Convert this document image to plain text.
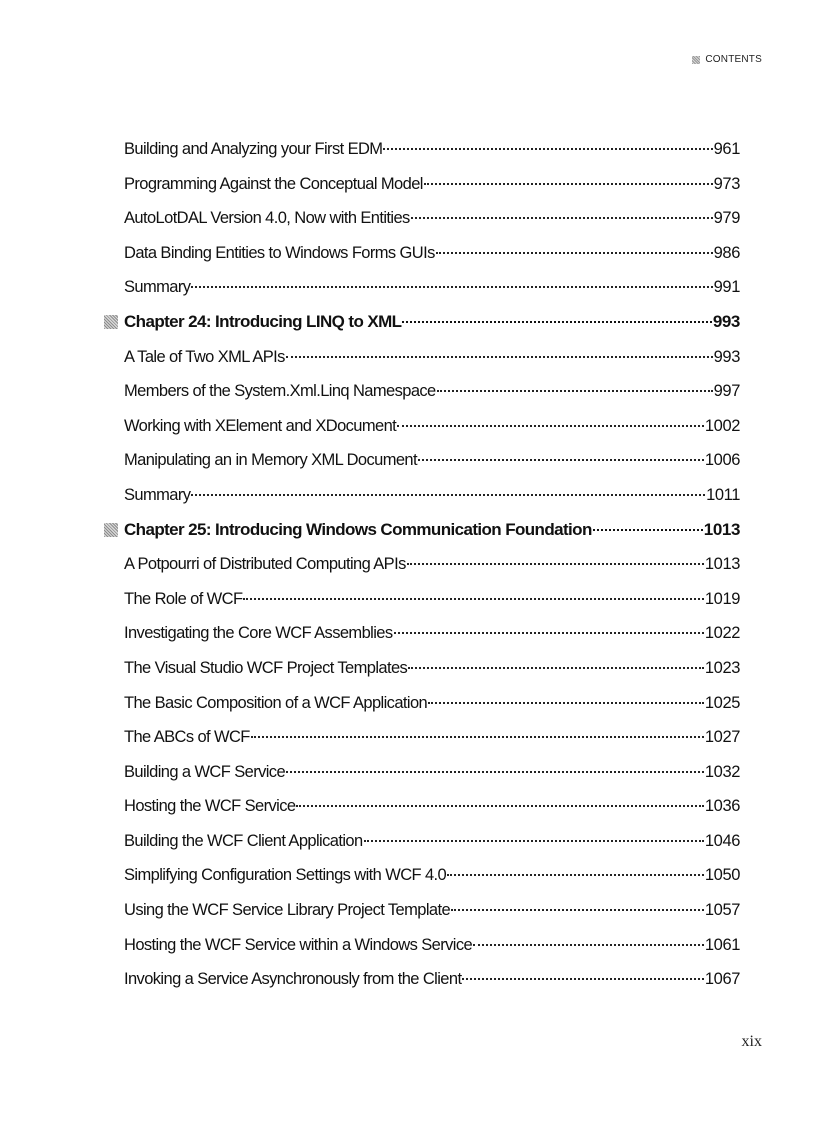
CONTENTS
Building and Analyzing your First EDM	961
Programming Against the Conceptual Model	973
AutoLotDAL Version 4.0, Now with Entities	979
Data Binding Entities to Windows Forms GUIs	986
Summary	991
Chapter 24: Introducing LINQ to XML	993
A Tale of Two XML APIs	993
Members of the System.Xml.Linq Namespace	997
Working with XElement and XDocument	1002
Manipulating an in Memory XML Document	1006
Summary	1011
Chapter 25: Introducing Windows Communication Foundation	1013
A Potpourri of Distributed Computing APIs	1013
The Role of WCF	1019
Investigating the Core WCF Assemblies	1022
The Visual Studio WCF Project Templates	1023
The Basic Composition of a WCF Application	1025
The ABCs of WCF	1027
Building a WCF Service	1032
Hosting the WCF Service	1036
Building the WCF Client Application	1046
Simplifying Configuration Settings with WCF 4.0	1050
Using the WCF Service Library Project Template	1057
Hosting the WCF Service within a Windows Service	1061
Invoking a Service Asynchronously from the Client	1067
xix
